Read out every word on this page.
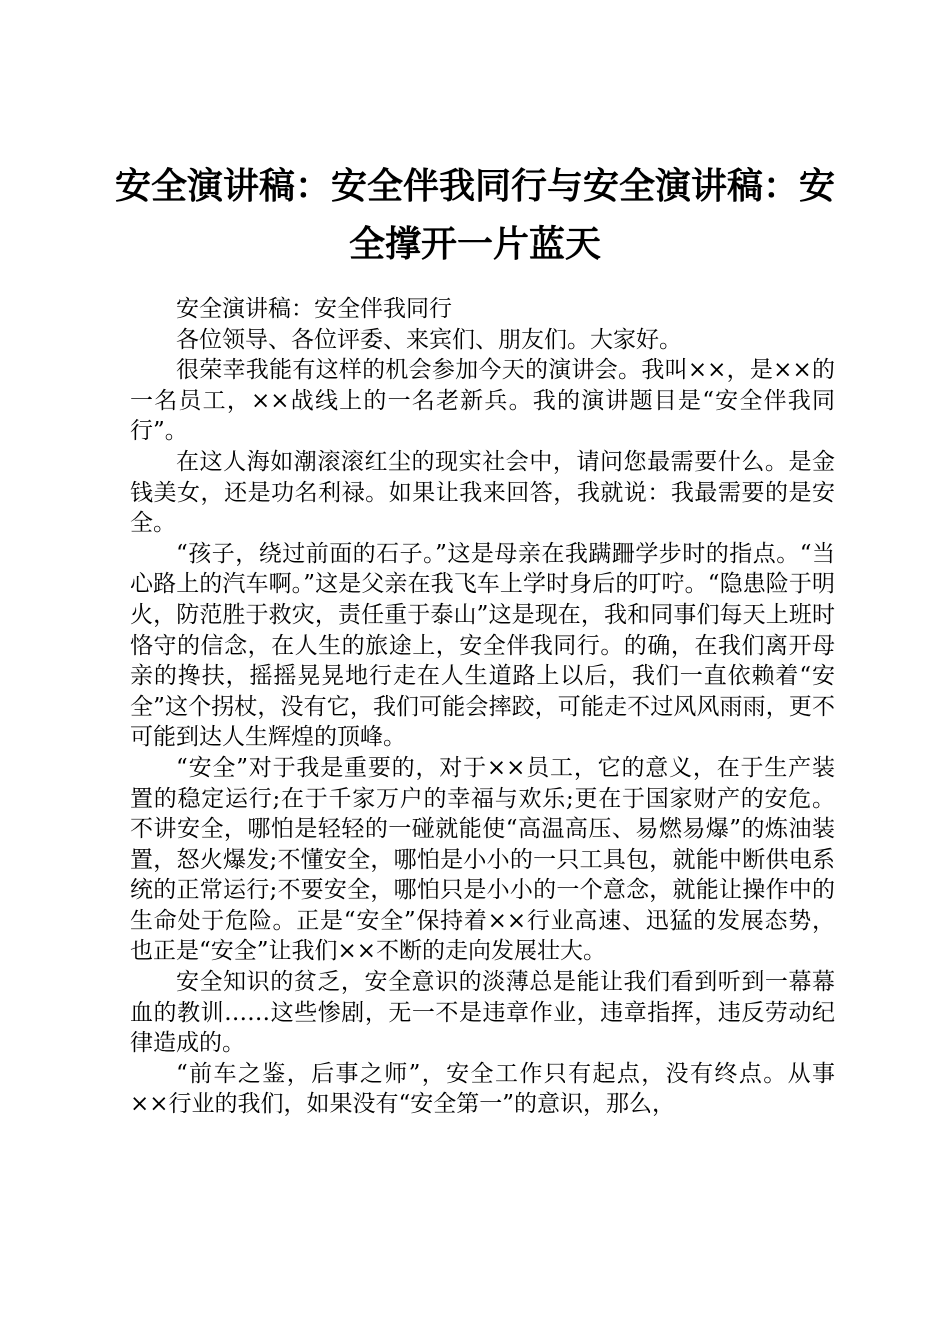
安全演讲稿：安全伴我同行与安全演讲稿：安全撑开一片蓝天

安全演讲稿：安全伴我同行

各位领导、各位评委、来宾们、朋友们。大家好。

很荣幸我能有这样的机会参加今天的演讲会。我叫××，是××的一名员工，××战线上的一名老新兵。我的演讲题目是“安全伴我同行”。

在这人海如潮滚滚红尘的现实社会中，请问您最需要什么。是金钱美女，还是功名利禄。如果让我来回答，我就说：我最需要的是安全。

“孩子，绕过前面的石子。”这是母亲在我蹒跚学步时的指点。“当心路上的汽车啊。”这是父亲在我飞车上学时身后的叮咛。“隐患险于明火，防范胜于救灾，责任重于泰山”这是现在，我和同事们每天上班时恪守的信念，在人生的旅途上，安全伴我同行。的确，在我们离开母亲的搀扶，摇摇晃晃地行走在人生道路上以后，我们一直依赖着“安全”这个拐杖，没有它，我们可能会摔跤，可能走不过风风雨雨，更不可能到达人生辉煌的顶峰。

“安全”对于我是重要的，对于××员工，它的意义，在于生产装置的稳定运行;在于千家万户的幸福与欢乐;更在于国家财产的安危。不讲安全，哪怕是轻轻的一碰就能使“高温高压、易燃易爆”的炼油装置，怒火爆发;不懂安全，哪怕是小小的一只工具包，就能中断供电系统的正常运行;不要安全，哪怕只是小小的一个意念，就能让操作中的生命处于危险。正是“安全”保持着××行业高速、迅猛的发展态势，也正是“安全”让我们××不断的走向发展壮大。

安全知识的贫乏，安全意识的淡薄总是能让我们看到听到一幕幕血的教训……这些惨剧，无一不是违章作业，违章指挥，违反劳动纪律造成的。

“前车之鉴，后事之师”，安全工作只有起点，没有终点。从事××行业的我们，如果没有“安全第一”的意识，那么，
